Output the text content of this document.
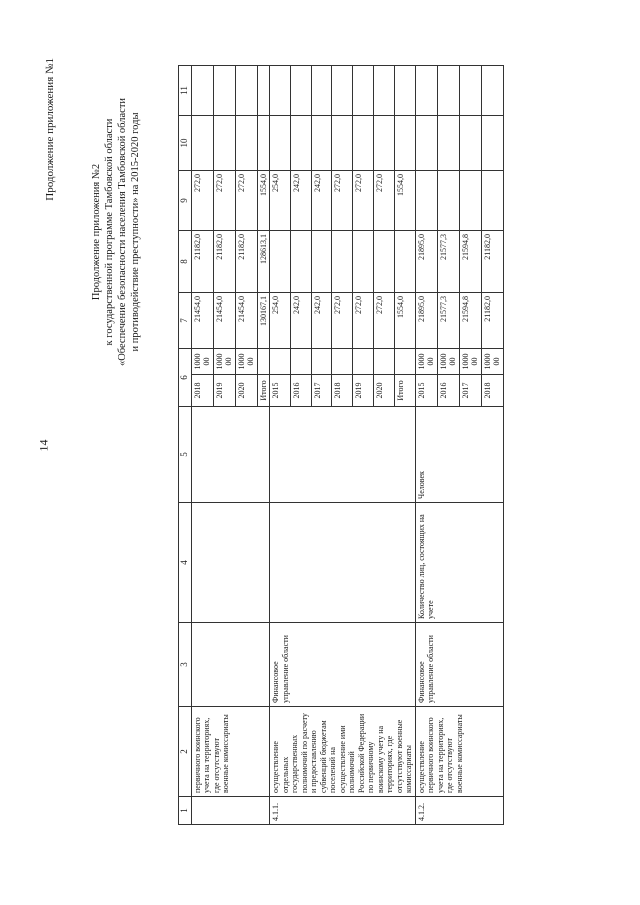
14
Продолжение приложения №1
Продолжение приложения №2 к государственной программе Тамбовской области «Обеспечение безопасности населения Тамбовской области и противодействие преступности» на 2015-2020 годы
1	2	3	4	5	6		7	8	9	10	11
	первичного воинского учета на территориях, где отсутствуют военные комиссариаты				2018	1000 00	21454,0	21182,0	272,0		
					2019	1000 00	21454,0	21182,0	272,0		
					2020	1000 00	21454,0	21182,0	272,0		
					Итого		130167,1	128613,1	1554,0		
4.1.1.	осуществление отдельных государственных полномочий по расчету и предоставлению субвенций бюджетам поселений на осуществление ими полномочий Российской Федерации по первичному воинскому учету на территориях, где отсутствуют военные комиссариаты	Финансовое управление области			2015		254,0		254,0		
					2016		242,0		242,0		
					2017		242,0		242,0		
					2018		272,0		272,0		
					2019		272,0		272,0		
					2020		272,0		272,0		
					Итого		1554,0		1554,0		
4.1.2.	осуществление первичного воинского учета на территориях, где отсутствуют военные комиссариаты	Финансовое управление области	Количество лиц, состоящих на учете	Человек	2015	1000 00	21895,0	21895,0			
					2016	1000 00	21577,3	21577,3			
					2017	1000 00	21594,8	21594,8			
					2018	1000 00	21182,0	21182,0			
